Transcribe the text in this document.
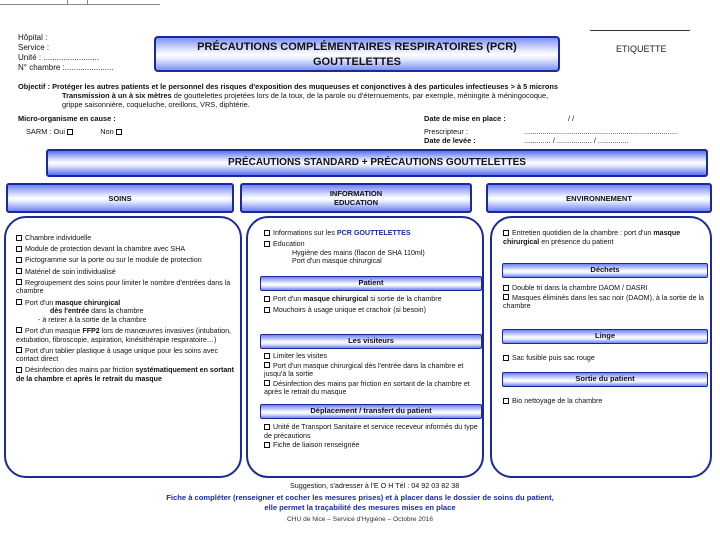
Hôpital :
Service :
Unité : .........................
N° chambre :......................
PRÉCAUTIONS COMPLÉMENTAIRES RESPIRATOIRES (PCR)
GOUTTELETTES
ETIQUETTE
Objectif : Protéger les autres patients et le personnel des risques d'exposition des muqueuses et conjonctives à des particules infectieuses > à 5 microns
Transmission à un à six mètres de gouttelettes projetées lors de la toux, de la parole ou d'éternuements, par exemple, méningite à méningocoque,
grippe saisonnière, coqueluche, oreillons, VRS, diphtérie.
Micro-organisme en cause :
SARM : Oui	Non
Date de mise en place :	/ /
Prescripteur :	...........................................................................
Date de levée :	............. / ................. / ...............
PRÉCAUTIONS STANDARD + PRÉCAUTIONS GOUTTELETTES
SOINS	INFORMATION
EDUCATION	ENVIRONNEMENT
Chambre individuelle
Module de protection devant la chambre avec SHA
Pictogramme sur la porte ou sur le module de protection
Matériel de soin individualisé
Regroupement des soins pour limiter le nombre d'entrées dans la chambre
Port d'un masque chirurgical
dès l'entrée dans la chambre
- à retirer à la sortie de la chambre
Port d'un masque FFP2 lors de manœuvres invasives (intubation, extubation, fibroscopie, aspiration, kinésithérapie respiratoire…)
Port d'un tablier plastique à usage unique pour les soins avec contact direct
Désinfection des mains par friction systématiquement en sortant de la chambre et après le retrait du masque
Informations sur les PCR GOUTTELETTES
Education
Hygiène des mains (flacon de SHA 110ml)
Port d'un masque chirurgical
Patient
Port d'un masque chirurgical si sortie de la chambre
Mouchoirs à usage unique et crachoir (si besoin)
Les visiteurs
Limiter les visites
Port d'un masque chirurgical dès l'entrée dans la chambre et jusqu'à la sortie
Désinfection des mains par friction en sortant de la chambre et après le retrait du masque
Déplacement / transfert du patient
Unité de Transport Sanitaire et service receveur informés du type de précautions
Fiche de liaison renseignée
Entretien quotidien de la chambre : port d'un masque chirurgical en présence du patient
Déchets
Double tri dans la chambre DAOM / DASRI
Masques éliminés dans les sac noir (DAOM), à la sortie de la chambre
Linge
Sac fusible puis sac rouge
Sortie du patient
Bio nettoyage de la chambre
Suggestion, s'adresser à l'E O H Tél : 04 92 03 82 38
Fiche à compléter (renseigner et cocher les mesures prises) et à placer dans le dossier de soins du patient,
elle permet la traçabilité des mesures mises en place
CHU de Nice – Service d'Hygiène – Octobre 2016
